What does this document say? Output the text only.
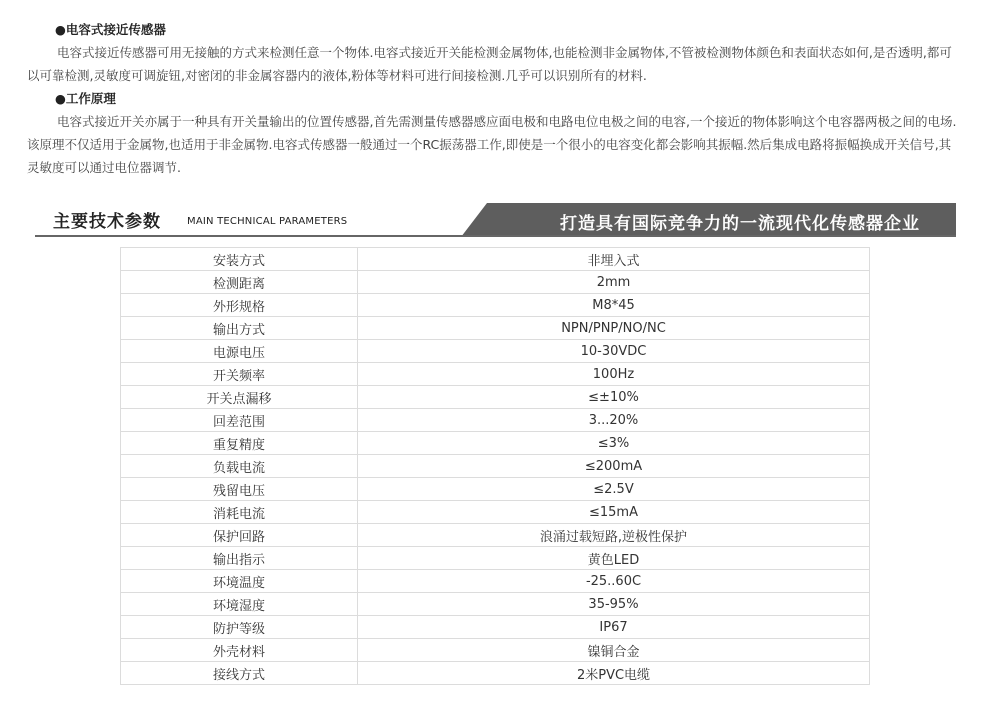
●电容式接近传感器
电容式接近传感器可用无接触的方式来检测任意一个物体.电容式接近开关能检测金属物体,也能检测非金属物体,不管被检测物体颜色和表面状态如何,是否透明,都可以可靠检测,灵敏度可调旋钮,对密闭的非金属容器内的液体,粉体等材料可进行间接检测.几乎可以识别所有的材料.
●工作原理
电容式接近开关亦属于一种具有开关量输出的位置传感器,首先需测量传感器感应面电极和电路电位电极之间的电容,一个接近的物体影响这个电容器两极之间的电场.该原理不仅适用于金属物,也适用于非金属物.电容式传感器一般通过一个RC振荡器工作,即使是一个很小的电容变化都会影响其振幅.然后集成电路将振幅换成开关信号,其灵敏度可以通过电位器调节.
主要技术参数	MAIN TECHNICAL PARAMETERS	打造具有国际竞争力的一流现代化传感器企业
安装方式	非埋入式
检测距离	2mm
外形规格	M8*45
输出方式	NPN/PNP/NO/NC
电源电压	10-30VDC
开关频率	100Hz
开关点漏移	≤±10%
回差范围	3...20%
重复精度	≤3%
负载电流	≤200mA
残留电压	≤2.5V
消耗电流	≤15mA
保护回路	浪涌过载短路,逆极性保护
输出指示	黄色LED
环境温度	-25..60C
环境湿度	35-95%
防护等级	IP67
外壳材料	镍铜合金
接线方式	2米PVC电缆
